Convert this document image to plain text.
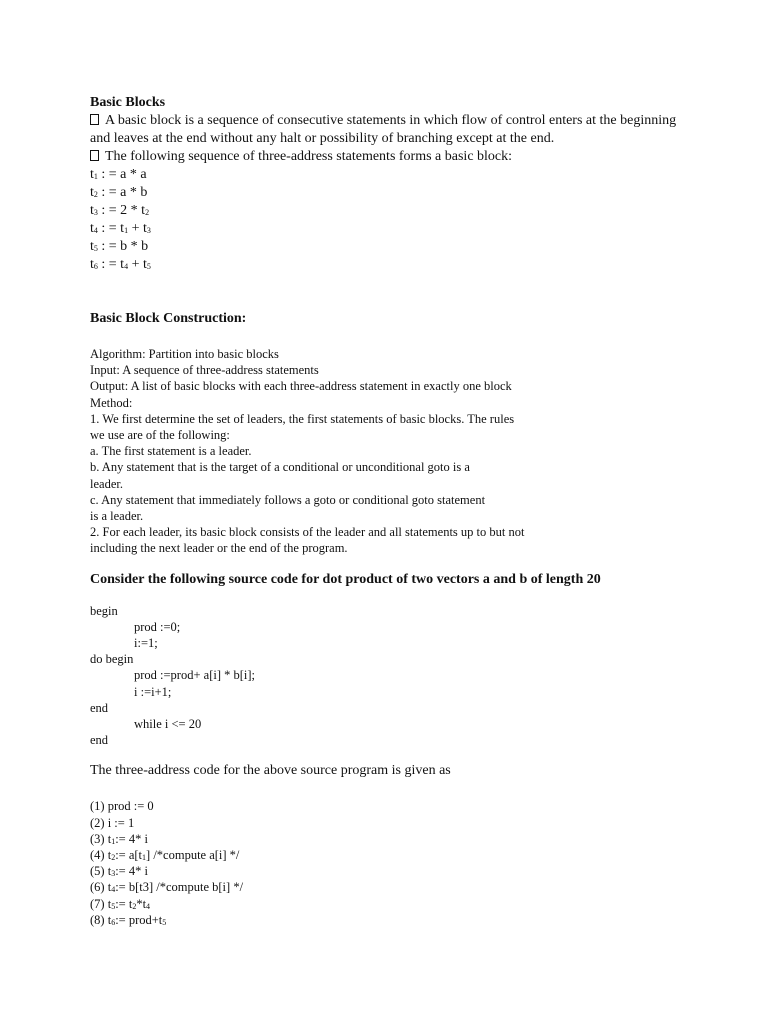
Basic Blocks

A basic block is a sequence of consecutive statements in which flow of control enters at the beginning and leaves at the end without any halt or possibility of branching except at the end.

The following sequence of three-address statements forms a basic block:

$t_1$ : = a * a

$t_2$ : = a * b

$t_3$ : = $2 * t_2$

$t_4$ : = $t_1 + t_3$

$t_5$ : = b * b

$t_6$ : = $t_4 + t_5$

Basic Block Construction:

Algorithm: Partition into basic blocks

Input: A sequence of three-address statements

Output: A list of basic blocks with each three-address statement in exactly one block

Method:

1. We first determine the set of leaders, the first statements of basic blocks. The rules

we use are of the following:

a. The first statement is a leader.

b. Any statement that is the target of a conditional or unconditional goto is a

leader.

c. Any statement that immediately follows a goto or conditional goto statement

is a leader.

2. For each leader, its basic block consists of the leader and all statements up to but not

including the next leader or the end of the program.

Consider the following source code for dot product of two vectors a and b of length 20

begin

prod :=0;

i:=1;

do begin

prod :=prod+ a[i] * b[i];

i :=i+1;

end

while i <= 20

end

The three-address code for the above source program is given as

(1) prod := 0

(2) i := 1

(3) $t_1:= 4*$ i

(4) $t_2:= a[t_1]$ /*compute a[i] */

(5) $t_3:= 4*$ i

(6) $t_4:= b[t3]$ /*compute b[i] */

(7) $t_5:= t_2*t_4$

(8) $t_6:=$ $prod+t_5$
